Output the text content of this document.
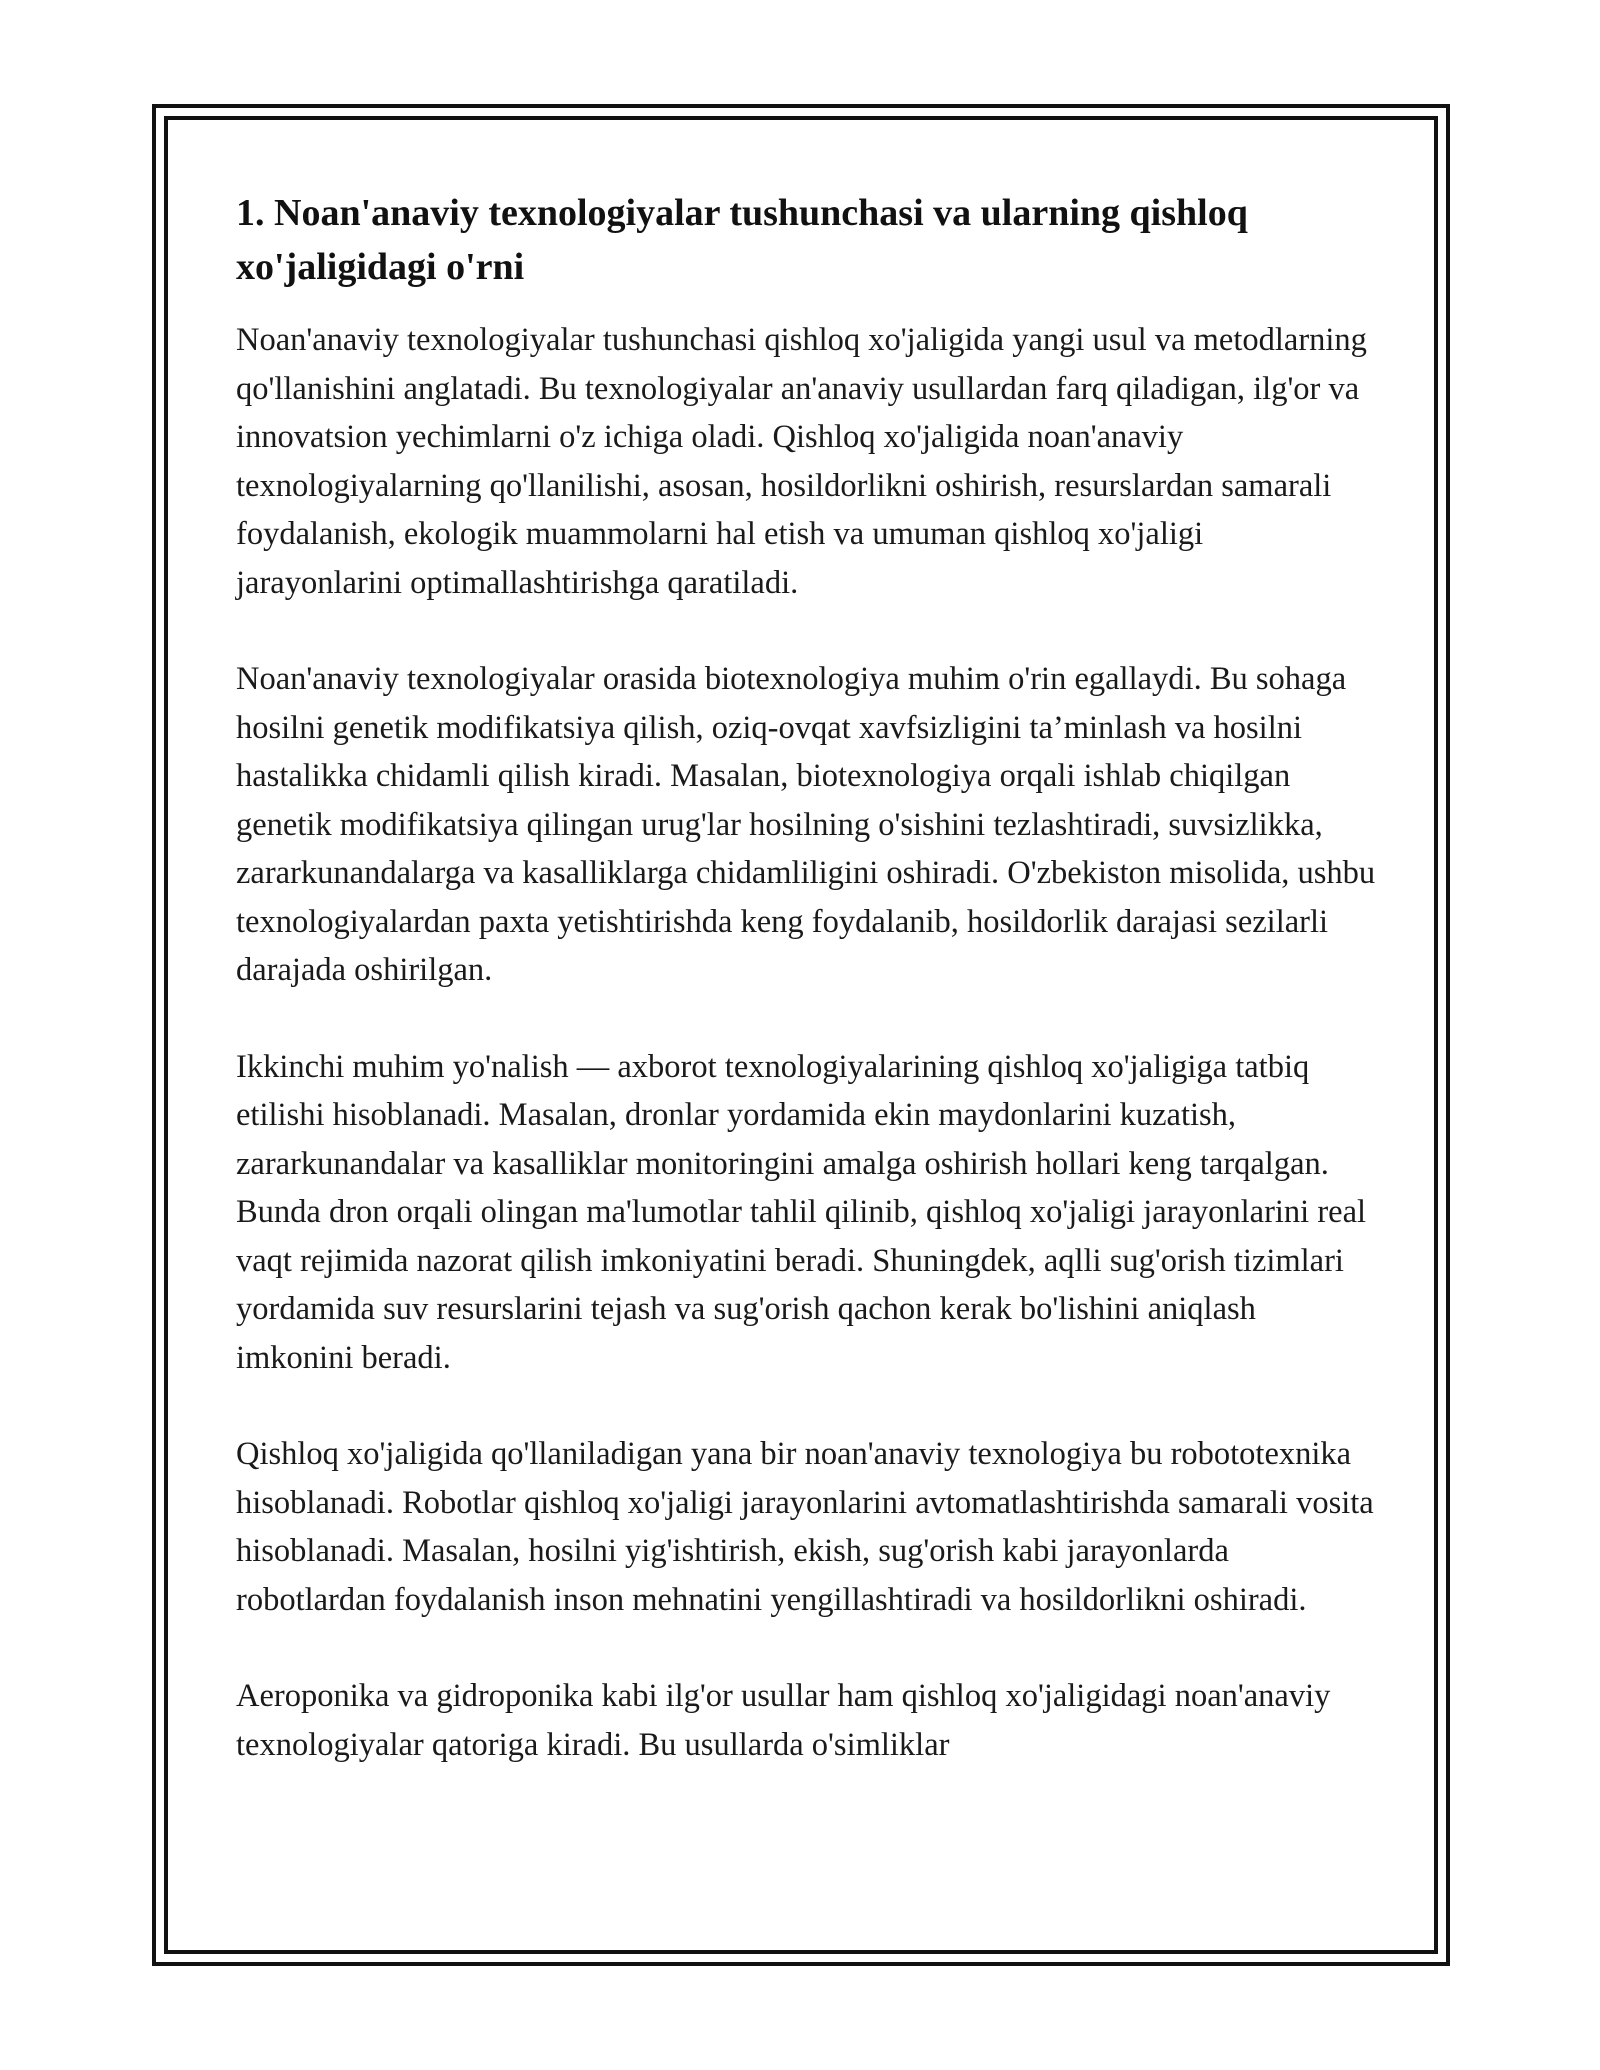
1. Noan'anaviy texnologiyalar tushunchasi va ularning qishloq xo'jaligidagi o'rni

Noan'anaviy texnologiyalar tushunchasi qishloq xo'jaligida yangi usul va metodlarning qo'llanishini anglatadi. Bu texnologiyalar an'anaviy usullardan farq qiladigan, ilg'or va innovatsion yechimlarni o'z ichiga oladi. Qishloq xo'jaligida noan'anaviy texnologiyalarning qo'llanilishi, asosan, hosildorlikni oshirish, resurslardan samarali foydalanish, ekologik muammolarni hal etish va umuman qishloq xo'jaligi jarayonlarini optimallashtirishga qaratiladi.

Noan'anaviy texnologiyalar orasida biotexnologiya muhim o'rin egallaydi. Bu sohaga hosilni genetik modifikatsiya qilish, oziq-ovqat xavfsizligini ta’minlash va hosilni hastalikka chidamli qilish kiradi. Masalan, biotexnologiya orqali ishlab chiqilgan genetik modifikatsiya qilingan urug'lar hosilning o'sishini tezlashtiradi, suvsizlikka, zararkunandalarga va kasalliklarga chidamliligini oshiradi. O'zbekiston misolida, ushbu texnologiyalardan paxta yetishtirishda keng foydalanib, hosildorlik darajasi sezilarli darajada oshirilgan.

Ikkinchi muhim yo'nalish — axborot texnologiyalarining qishloq xo'jaligiga tatbiq etilishi hisoblanadi. Masalan, dronlar yordamida ekin maydonlarini kuzatish, zararkunandalar va kasalliklar monitoringini amalga oshirish hollari keng tarqalgan. Bunda dron orqali olingan ma'lumotlar tahlil qilinib, qishloq xo'jaligi jarayonlarini real vaqt rejimida nazorat qilish imkoniyatini beradi. Shuningdek, aqlli sug'orish tizimlari yordamida suv resurslarini tejash va sug'orish qachon kerak bo'lishini aniqlash imkonini beradi.

Qishloq xo'jaligida qo'llaniladigan yana bir noan'anaviy texnologiya bu robototexnika hisoblanadi. Robotlar qishloq xo'jaligi jarayonlarini avtomatlashtirishda samarali vosita hisoblanadi. Masalan, hosilni yig'ishtirish, ekish, sug'orish kabi jarayonlarda robotlardan foydalanish inson mehnatini yengillashtiradi va hosildorlikni oshiradi.

Aeroponika va gidroponika kabi ilg'or usullar ham qishloq xo'jaligidagi noan'anaviy texnologiyalar qatoriga kiradi. Bu usullarda o'simliklar
